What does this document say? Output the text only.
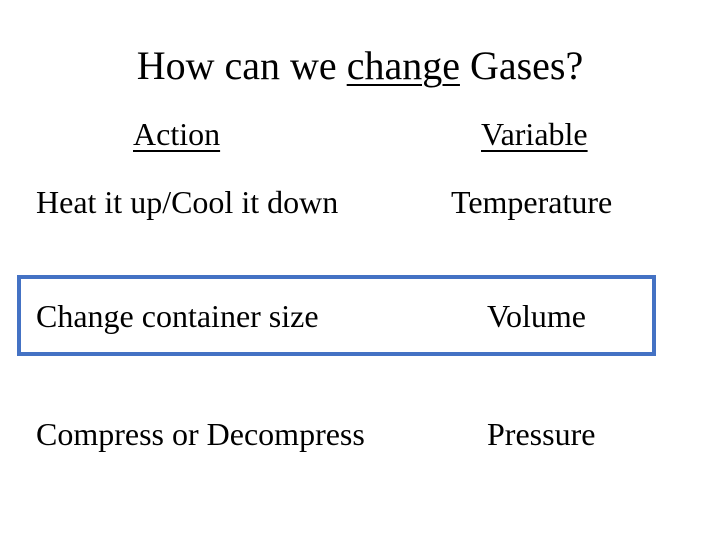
How can we change Gases?
Action	Variable
Heat it up/Cool it down	Temperature
Change container size	Volume
Compress or Decompress	Pressure
